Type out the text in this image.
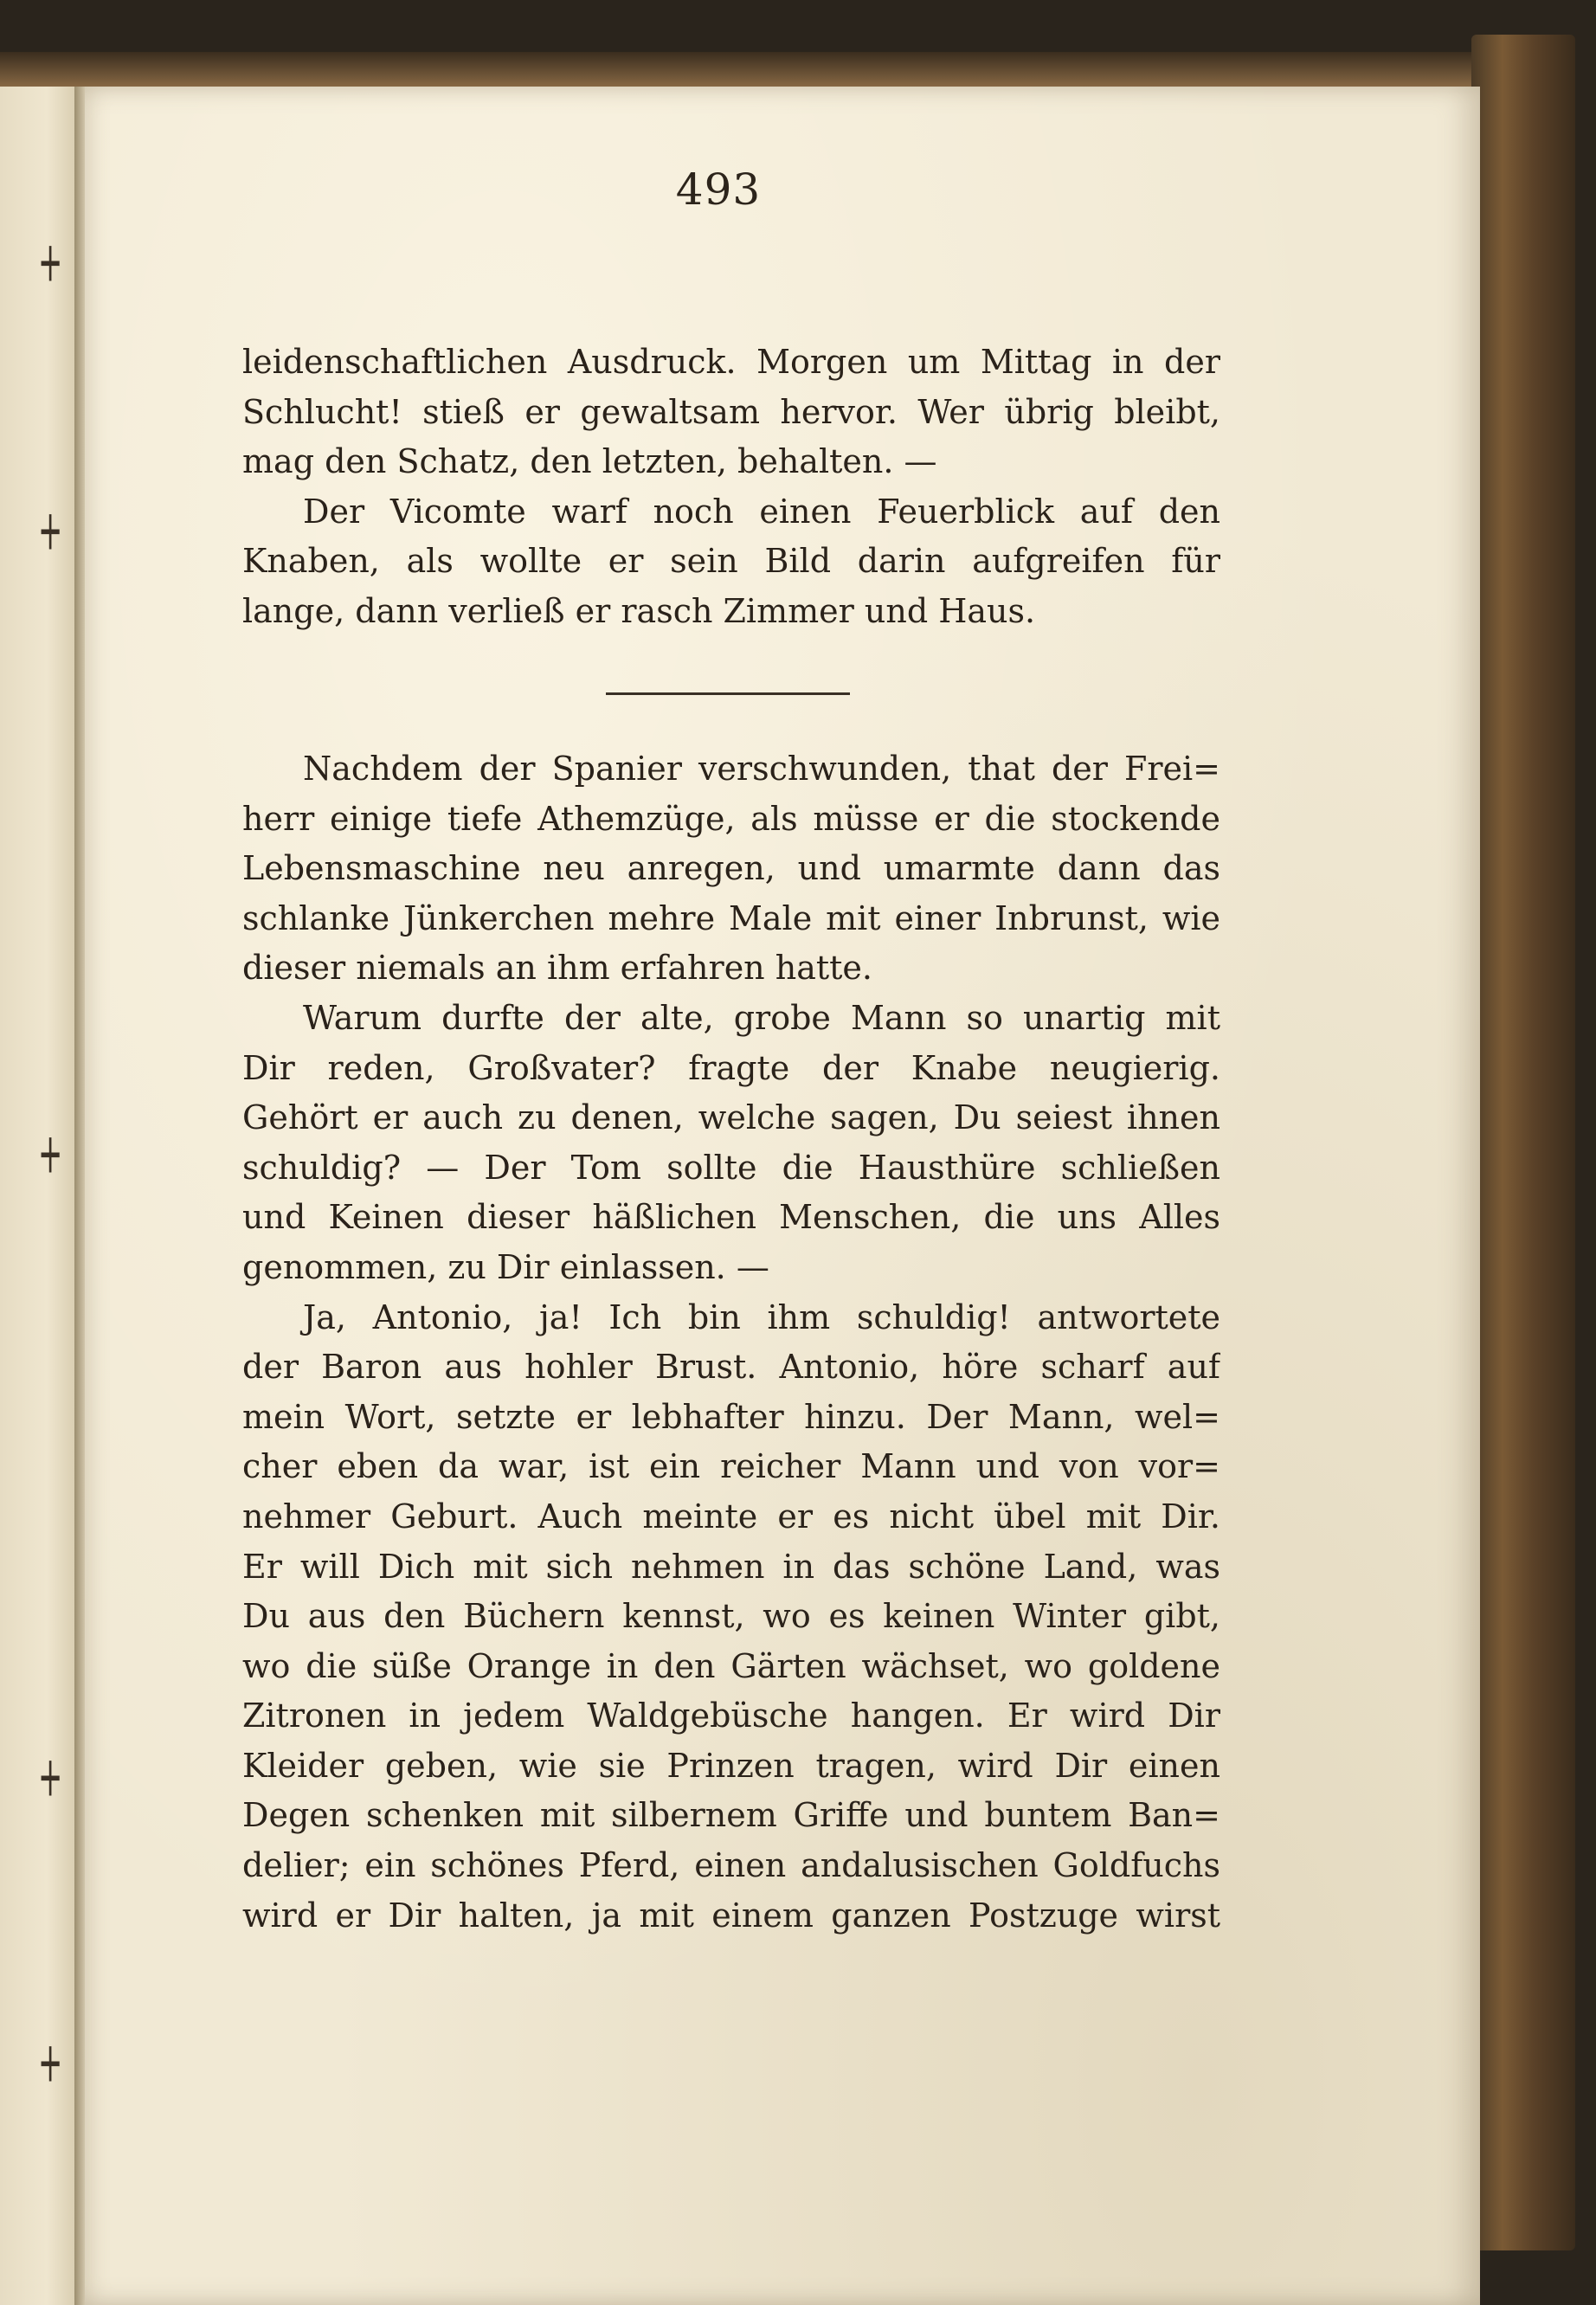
┿
┿
┿
┿
┿
493
leidenschaftlichen Ausdruck. Morgen um Mittag in der
Schlucht! stieß er gewaltsam hervor. Wer übrig bleibt,
mag den Schatz, den letzten, behalten. —
Der Vicomte warf noch einen Feuerblick auf den
Knaben, als wollte er sein Bild darin aufgreifen für
lange, dann verließ er rasch Zimmer und Haus.
Nachdem der Spanier verschwunden, that der Frei=
herr einige tiefe Athemzüge, als müsse er die stockende
Lebensmaschine neu anregen, und umarmte dann das
schlanke Jünkerchen mehre Male mit einer Inbrunst, wie
dieser niemals an ihm erfahren hatte.
Warum durfte der alte, grobe Mann so unartig mit
Dir reden, Großvater? fragte der Knabe neugierig.
Gehört er auch zu denen, welche sagen, Du seiest ihnen
schuldig? — Der Tom sollte die Hausthüre schließen
und Keinen dieser häßlichen Menschen, die uns Alles
genommen, zu Dir einlassen. —
Ja, Antonio, ja! Ich bin ihm schuldig! antwortete
der Baron aus hohler Brust. Antonio, höre scharf auf
mein Wort, setzte er lebhafter hinzu. Der Mann, wel=
cher eben da war, ist ein reicher Mann und von vor=
nehmer Geburt. Auch meinte er es nicht übel mit Dir.
Er will Dich mit sich nehmen in das schöne Land, was
Du aus den Büchern kennst, wo es keinen Winter gibt,
wo die süße Orange in den Gärten wächset, wo goldene
Zitronen in jedem Waldgebüsche hangen. Er wird Dir
Kleider geben, wie sie Prinzen tragen, wird Dir einen
Degen schenken mit silbernem Griffe und buntem Ban=
delier; ein schönes Pferd, einen andalusischen Goldfuchs
wird er Dir halten, ja mit einem ganzen Postzuge wirst
